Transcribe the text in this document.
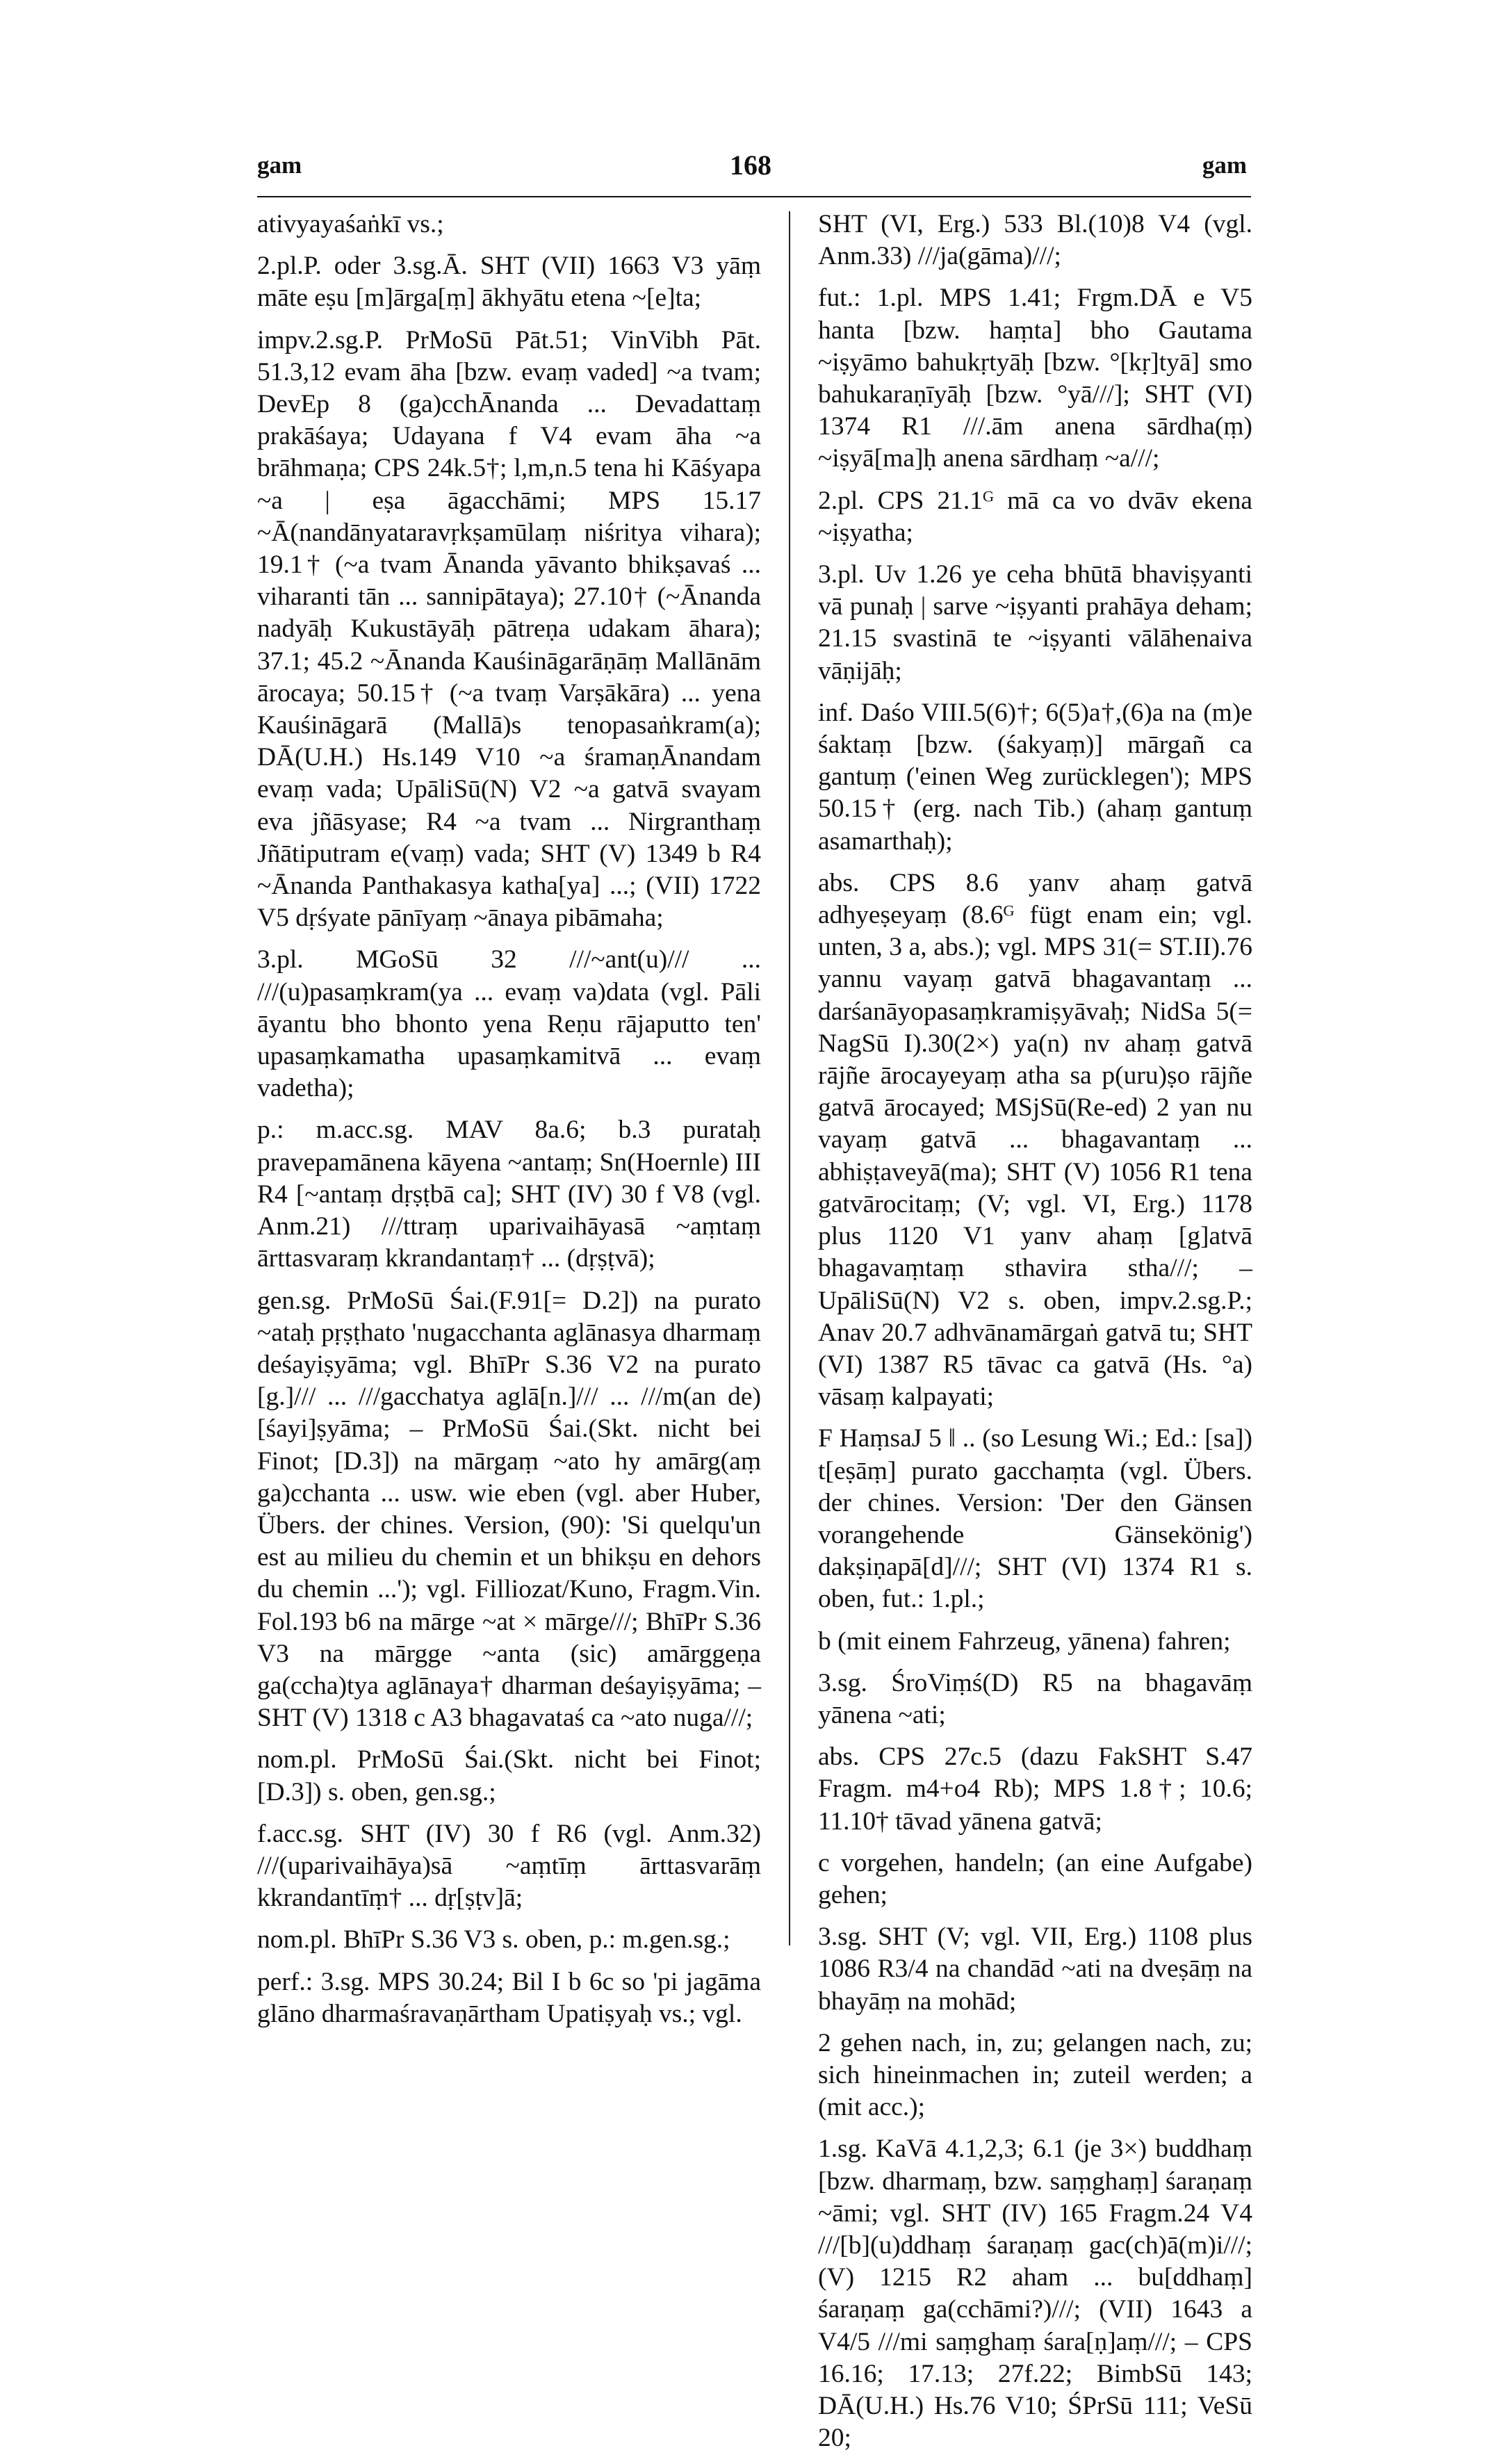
gam	168	gam

ativyayaśaṅkī vs.;

2.pl.P. oder 3.sg.Ā. SHT (VII) 1663 V3 yāṃ māte eṣu [m]ārga[ṃ] ākhyātu etena ~[e]ta;

impv.2.sg.P. PrMoSū Pāt.51; VinVibh Pāt. 51.3,12 evam āha [bzw. evaṃ vaded] ~a tvam; DevEp 8 (ga)cchĀnanda ... Devadattaṃ prakāśaya; Udayana f V4 evam āha ~a brāhmaṇa; CPS 24k.5†; l,m,n.5 tena hi Kāśyapa ~a | eṣa āgacchāmi; MPS 15.17 ~Ā(nandānyataravṛkṣamūlaṃ niśritya vihara); 19.1† (~a tvam Ānanda yāvanto bhikṣavaś ... viharanti tān ... sannipātaya); 27.10† (~Ānanda nadyāḥ Kukustāyāḥ pātreṇa udakam āhara); 37.1; 45.2 ~Ānanda Kauśināgarāṇāṃ Mallānām ārocaya; 50.15† (~a tvaṃ Varṣākāra) ... yena Kauśināgarā (Mallā)s tenopasaṅkram(a); DĀ(U.H.) Hs.149 V10 ~a śramaṇĀnandam evaṃ vada; UpāliSū(N) V2 ~a gatvā svayam eva jñāsyase; R4 ~a tvam ... Nirgranthaṃ Jñātiputram e(vaṃ) vada; SHT (V) 1349 b R4 ~Ānanda Panthakasya katha[ya] ...; (VII) 1722 V5 dṛśyate pānīyaṃ ~ānaya pibāmaha;

3.pl. MGoSū 32 ///~ant(u)/// ... ///(u)pasaṃkram(ya ... evaṃ va)data (vgl. Pāli āyantu bho bhonto yena Reṇu rājaputto ten' upasaṃkamatha upasaṃkamitvā ... evaṃ vadetha);

p.: m.acc.sg. MAV 8a.6; b.3 purataḥ pravepamānena kāyena ~antaṃ; Sn(Hoernle) III R4 [~antaṃ dṛṣṭbā ca]; SHT (IV) 30 f V8 (vgl. Anm.21) ///ttraṃ uparivaihāyasā ~aṃtaṃ ārttasvaraṃ kkrandantaṃ† ... (dṛṣṭvā);

gen.sg. PrMoSū Śai.(F.91[= D.2]) na purato ~ataḥ pṛṣṭhato 'nugacchanta aglānasya dharmaṃ deśayiṣyāma; vgl. BhīPr S.36 V2 na purato [g.]/// ... ///gacchatya aglā[n.]/// ... ///m(an de)[śayi]ṣyāma; – PrMoSū Śai.(Skt. nicht bei Finot; [D.3]) na mārgaṃ ~ato hy amārg(aṃ ga)cchanta ... usw. wie eben (vgl. aber Huber, Übers. der chines. Version, (90): 'Si quelqu'un est au milieu du chemin et un bhikṣu en dehors du chemin ...'); vgl. Filliozat/Kuno, Fragm.Vin. Fol.193 b6 na mārge ~at × mārge///; BhīPr S.36 V3 na mārgge ~anta (sic) amārggeṇa ga(ccha)tya aglānaya† dharman deśayiṣyāma; – SHT (V) 1318 c A3 bhagavataś ca ~ato nuga///;

nom.pl. PrMoSū Śai.(Skt. nicht bei Finot; [D.3]) s. oben, gen.sg.;

f.acc.sg. SHT (IV) 30 f R6 (vgl. Anm.32) ///(uparivaihāya)sā ~aṃtīṃ ārttasvarāṃ kkrandantīṃ† ... dṛ[ṣṭv]ā;

nom.pl. BhīPr S.36 V3 s. oben, p.: m.gen.sg.;

perf.: 3.sg. MPS 30.24; Bil I b 6c so 'pi jagāma glāno dharmaśravaṇārtham Upatiṣyaḥ vs.; vgl.

SHT (VI, Erg.) 533 Bl.(10)8 V4 (vgl. Anm.33) ///ja(gāma)///;

fut.: 1.pl. MPS 1.41; Frgm.DĀ e V5 hanta [bzw. haṃta] bho Gautama ~iṣyāmo bahukṛtyāḥ [bzw. °[kṛ]tyā] smo bahukaraṇīyāḥ [bzw. °yā///]; SHT (VI) 1374 R1 ///.ām anena sārdha(ṃ) ~iṣyā[ma]ḥ anena sārdhaṃ ~a///;

2.pl. CPS 21.1ᴳ mā ca vo dvāv ekena ~iṣyatha;

3.pl. Uv 1.26 ye ceha bhūtā bhaviṣyanti vā punaḥ | sarve ~iṣyanti prahāya deham; 21.15 svastinā te ~iṣyanti vālāhenaiva vāṇijāḥ;

inf. Daśo VIII.5(6)†; 6(5)a†,(6)a na (m)e śaktaṃ [bzw. (śakyaṃ)] mārgañ ca gantuṃ ('einen Weg zurücklegen'); MPS 50.15† (erg. nach Tib.) (ahaṃ gantuṃ asamarthaḥ);

abs. CPS 8.6 yanv ahaṃ gatvā adhyeṣeyaṃ (8.6ᴳ fügt enam ein; vgl. unten, 3 a, abs.); vgl. MPS 31(= ST.II).76 yannu vayaṃ gatvā bhagavantaṃ ... darśanāyopasaṃkramiṣyāvaḥ; NidSa 5(= NagSū I).30(2×) ya(n) nv ahaṃ gatvā rājñe ārocayeyaṃ atha sa p(uru)ṣo rājñe gatvā ārocayed; MSjSū(Re-ed) 2 yan nu vayaṃ gatvā ... bhagavantaṃ ... abhiṣṭaveyā(ma); SHT (V) 1056 R1 tena gatvārocitaṃ; (V; vgl. VI, Erg.) 1178 plus 1120 V1 yanv ahaṃ [g]atvā bhagavaṃtaṃ sthavira stha///; – UpāliSū(N) V2 s. oben, impv.2.sg.P.; Anav 20.7 adhvānamārgaṅ gatvā tu; SHT (VI) 1387 R5 tāvac ca gatvā (Hs. °a) vāsaṃ kalpayati;

F HaṃsaJ 5 ‖ .. (so Lesung Wi.; Ed.: [sa]) t[eṣāṃ] purato gacchaṃta (vgl. Übers. der chines. Version: 'Der den Gänsen vorangehende Gänsekönig') dakṣiṇapā[d]///; SHT (VI) 1374 R1 s. oben, fut.: 1.pl.;

b (mit einem Fahrzeug, yānena) fahren;

3.sg. ŚroViṃś(D) R5 na bhagavāṃ yānena ~ati;

abs. CPS 27c.5 (dazu FakSHT S.47 Fragm. m4+o4 Rb); MPS 1.8†; 10.6; 11.10† tāvad yānena gatvā;

c vorgehen, handeln; (an eine Aufgabe) gehen;

3.sg. SHT (V; vgl. VII, Erg.) 1108 plus 1086 R3/4 na chandād ~ati na dveṣāṃ na bhayāṃ na mohād;

2 gehen nach, in, zu; gelangen nach, zu; sich hineinmachen in; zuteil werden; a (mit acc.);

1.sg. KaVā 4.1,2,3; 6.1 (je 3×) buddhaṃ [bzw. dharmaṃ, bzw. saṃghaṃ] śaraṇaṃ ~āmi; vgl. SHT (IV) 165 Fragm.24 V4 ///[b](u)ddhaṃ śaraṇaṃ gac(ch)ā(m)i///; (V) 1215 R2 aham ... bu[ddhaṃ] śaraṇaṃ ga(cchāmi?)///; (VII) 1643 a V4/5 ///mi saṃghaṃ śara[ṇ]aṃ///; – CPS 16.16; 17.13; 27f.22; BimbSū 143; DĀ(U.H.) Hs.76 V10; ŚPrSū 111; VeSū 20;
